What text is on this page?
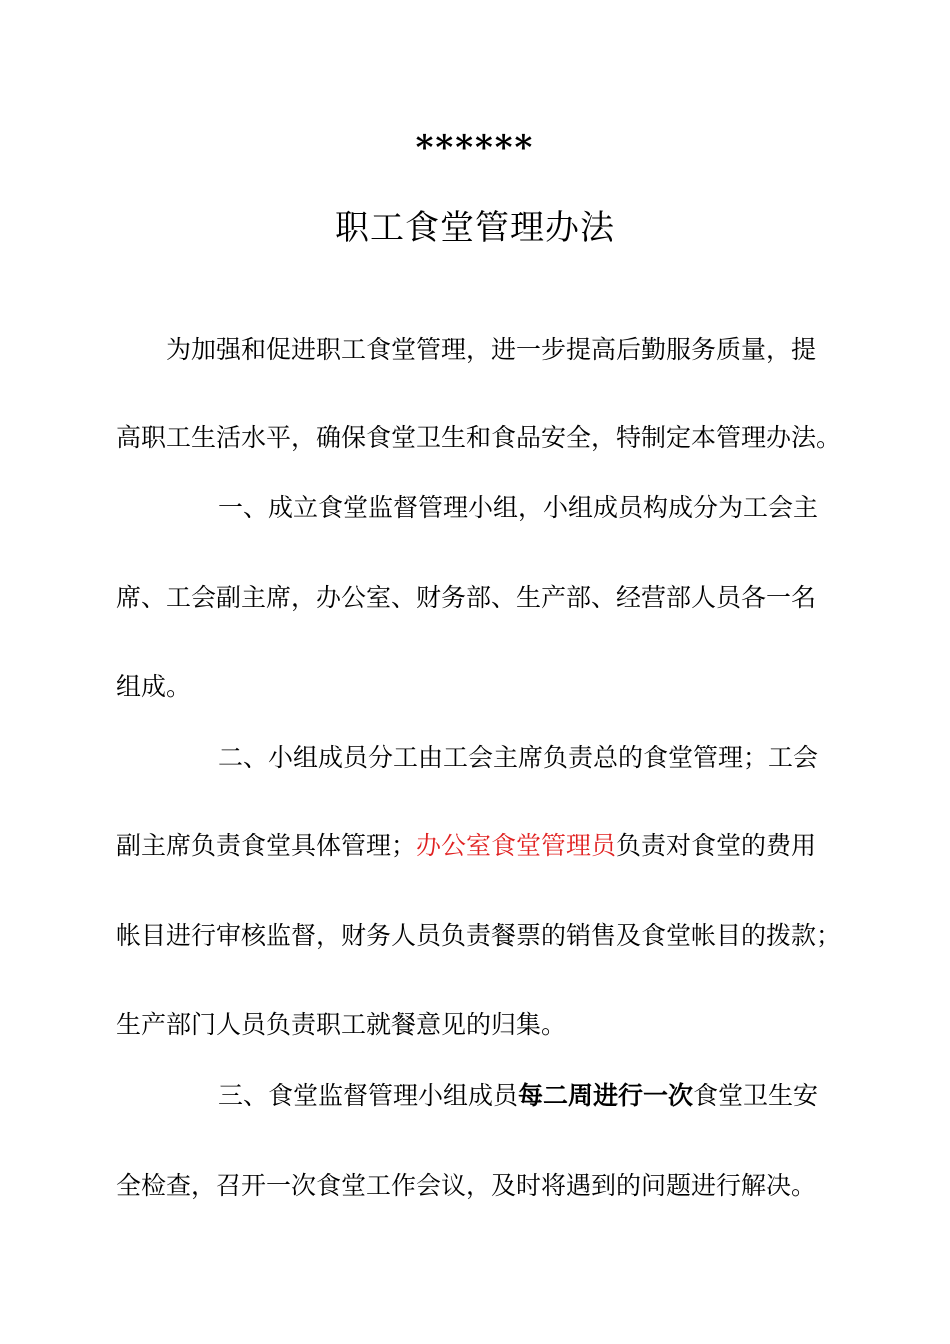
******
职工食堂管理办法
为加强和促进职工食堂管理，进一步提高后勤服务质量，提
高职工生活水平，确保食堂卫生和食品安全，特制定本管理办法。
一、成立食堂监督管理小组，小组成员构成分为工会主
席、工会副主席，办公室、财务部、生产部、经营部人员各一名
组成。
二、小组成员分工由工会主席负责总的食堂管理；工会
副主席负责食堂具体管理；办公室食堂管理员负责对食堂的费用
帐目进行审核监督，财务人员负责餐票的销售及食堂帐目的拨款；
生产部门人员负责职工就餐意见的归集。
三、食堂监督管理小组成员每二周进行一次食堂卫生安
全检查，召开一次食堂工作会议，及时将遇到的问题进行解决。
